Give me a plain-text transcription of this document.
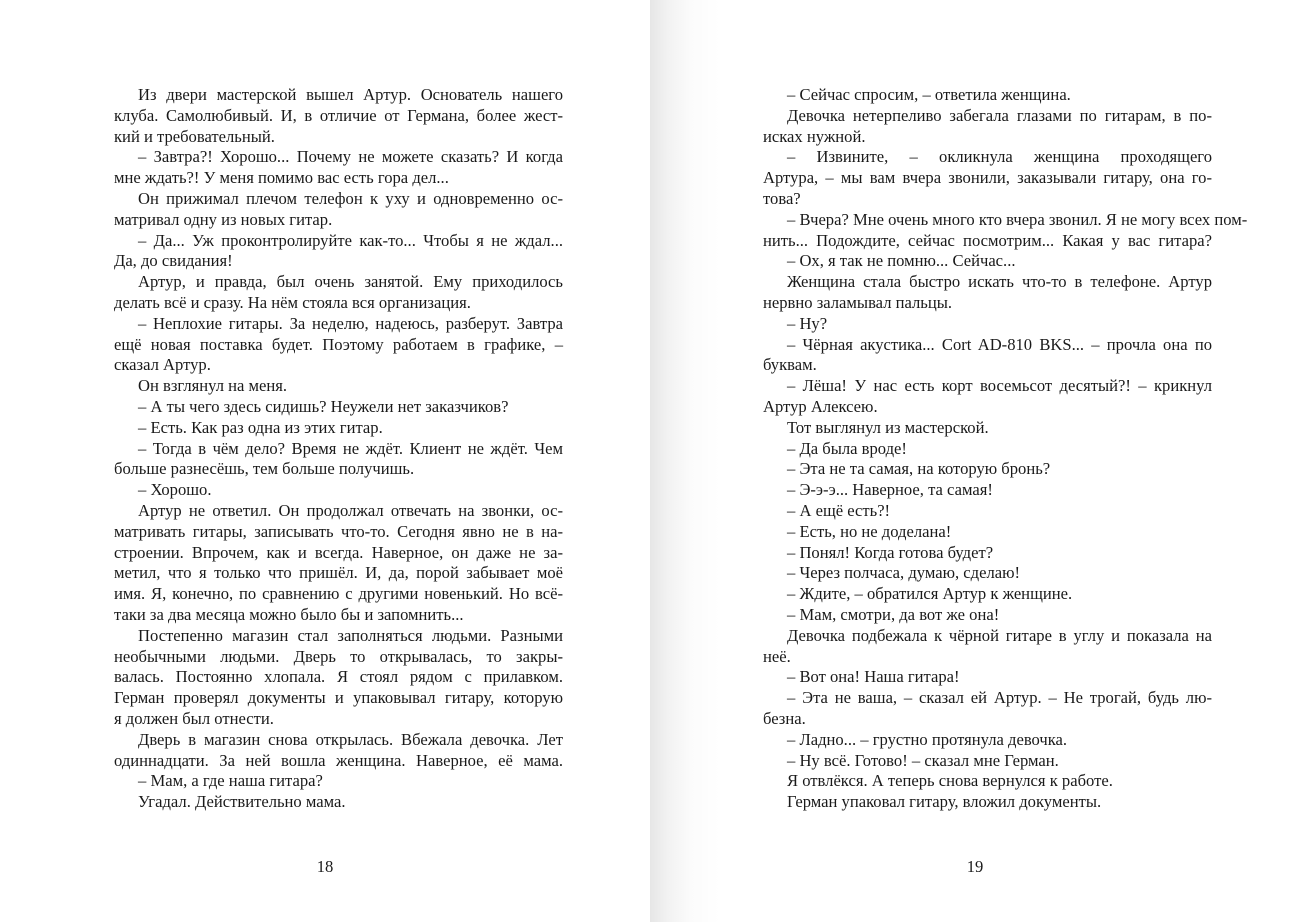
Из двери мастерской вышел Артур. Основатель нашего
клуба. Самолюбивый. И, в отличие от Германа, более жест-
кий и требовательный.
– Завтра?! Хорошо... Почему не можете сказать? И когда
мне ждать?! У меня помимо вас есть гора дел...
Он прижимал плечом телефон к уху и одновременно ос-
матривал одну из новых гитар.
– Да... Уж проконтролируйте как-то... Чтобы я не ждал...
Да, до свидания!
Артур, и правда, был очень занятой. Ему приходилось
делать всё и сразу. На нём стояла вся организация.
– Неплохие гитары. За неделю, надеюсь, разберут. Завтра
ещё новая поставка будет. Поэтому работаем в графике, –
сказал Артур.
Он взглянул на меня.
– А ты чего здесь сидишь? Неужели нет заказчиков?
– Есть. Как раз одна из этих гитар.
– Тогда в чём дело? Время не ждёт. Клиент не ждёт. Чем
больше разнесёшь, тем больше получишь.
– Хорошо.
Артур не ответил. Он продолжал отвечать на звонки, ос-
матривать гитары, записывать что-то. Сегодня явно не в на-
строении. Впрочем, как и всегда. Наверное, он даже не за-
метил, что я только что пришёл. И, да, порой забывает моё
имя. Я, конечно, по сравнению с другими новенький. Но всё-
таки за два месяца можно было бы и запомнить...
Постепенно магазин стал заполняться людьми. Разными
необычными людьми. Дверь то открывалась, то закры-
валась. Постоянно хлопала. Я стоял рядом с прилавком.
Герман проверял документы и упаковывал гитару, которую
я должен был отнести.
Дверь в магазин снова открылась. Вбежала девочка. Лет
одиннадцати. За ней вошла женщина. Наверное, её мама.
– Мам, а где наша гитара?
Угадал. Действительно мама.
18
– Сейчас спросим, – ответила женщина.
Девочка нетерпеливо забегала глазами по гитарам, в по-
исках нужной.
– Извините, – окликнула женщина проходящего
Артура, – мы вам вчера звонили, заказывали гитару, она го-
това?
– Вчера? Мне очень много кто вчера звонил. Я не могу всех пом-
нить... Подождите, сейчас посмотрим... Какая у вас гитара?
– Ох, я так не помню... Сейчас...
Женщина стала быстро искать что-то в телефоне. Артур
нервно заламывал пальцы.
– Ну?
– Чёрная акустика... Cort AD-810 BKS... – прочла она по
буквам.
– Лёша! У нас есть корт восемьсот десятый?! – крикнул
Артур Алексею.
Тот выглянул из мастерской.
– Да была вроде!
– Эта не та самая, на которую бронь?
– Э-э-э... Наверное, та самая!
– А ещё есть?!
– Есть, но не доделана!
– Понял! Когда готова будет?
– Через полчаса, думаю, сделаю!
– Ждите, – обратился Артур к женщине.
– Мам, смотри, да вот же она!
Девочка подбежала к чёрной гитаре в углу и показала на
неё.
– Вот она! Наша гитара!
– Эта не ваша, – сказал ей Артур. – Не трогай, будь лю-
безна.
– Ладно... – грустно протянула девочка.
– Ну всё. Готово! – сказал мне Герман.
Я отвлёкся. А теперь снова вернулся к работе.
Герман упаковал гитару, вложил документы.
19
